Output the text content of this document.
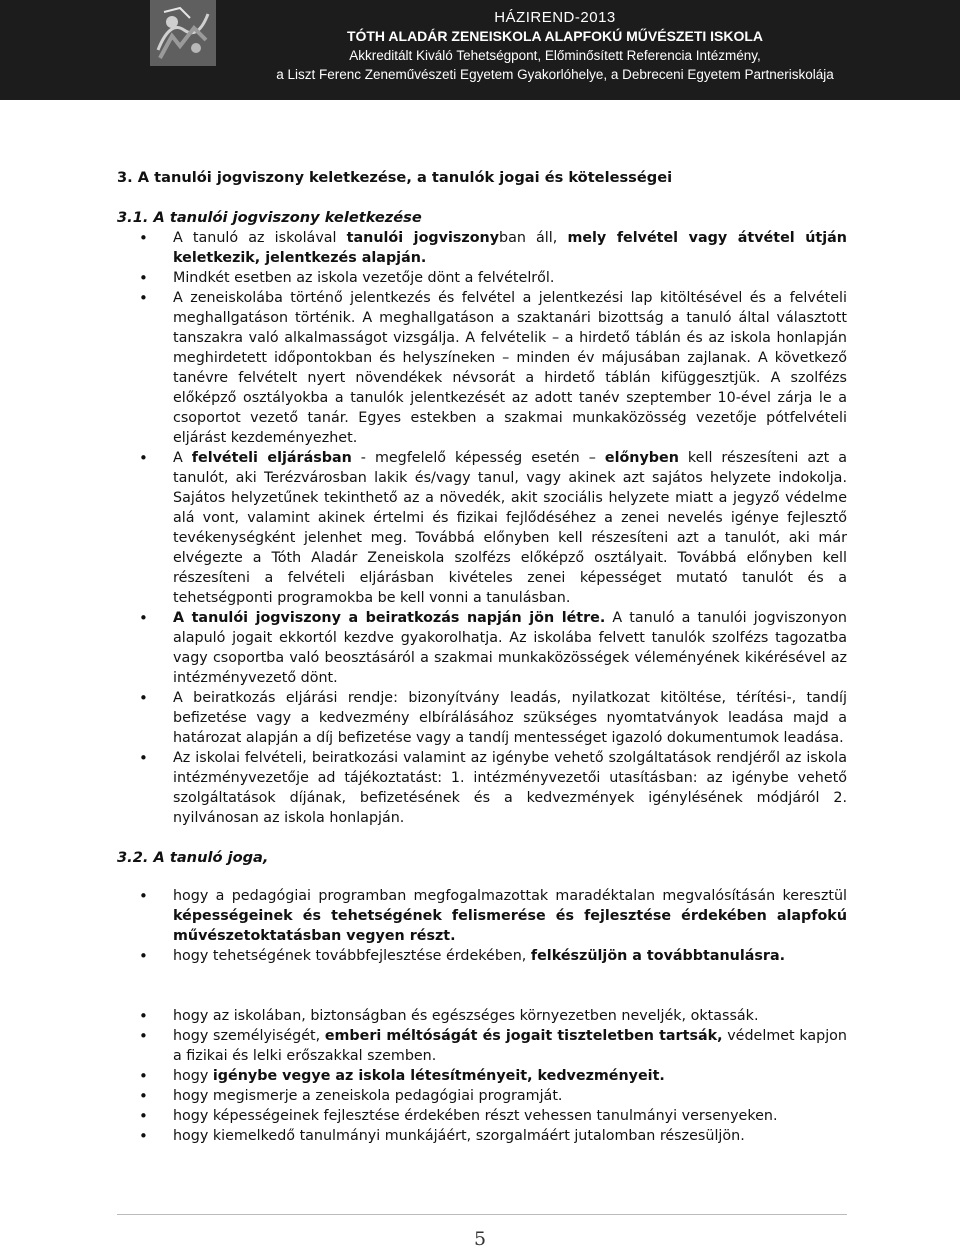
HÁZIREND-2013
TÓTH ALADÁR ZENEISKOLA ALAPFOKÚ MŰVÉSZETI ISKOLA
Akkreditált Kiváló Tehetségpont, Előminősített Referencia Intézmény,
a Liszt Ferenc Zeneművészeti Egyetem Gyakorlóhelye, a Debreceni Egyetem Partneriskolája

3. A tanulói jogviszony keletkezése, a tanulók jogai és kötelességei

3.1. A tanulói jogviszony keletkezése

• A tanuló az iskolával tanulói jogviszonyban áll, mely felvétel vagy átvétel útján keletkezik, jelentkezés alapján.
• Mindkét esetben az iskola vezetője dönt a felvételről.
• A zeneiskolába történő jelentkezés és felvétel a jelentkezési lap kitöltésével és a felvételi meghallgatáson történik. A meghallgatáson a szaktanári bizottság a tanuló által választott tanszakra való alkalmasságot vizsgálja. A felvételik – a hirdető táblán és az iskola honlapján meghirdetett időpontokban és helyszíneken – minden év májusában zajlanak. A következő tanévre felvételt nyert növendékek névsorát a hirdető táblán kifüggesztjük. A szolfézs előképző osztályokba a tanulók jelentkezését az adott tanév szeptember 10-ével zárja le a csoportot vezető tanár. Egyes estekben a szakmai munkaközösség vezetője pótfelvételi eljárást kezdeményezhet.
• A felvételi eljárásban - megfelelő képesség esetén – előnyben kell részesíteni azt a tanulót, aki Terézvárosban lakik és/vagy tanul, vagy akinek azt sajátos helyzete indokolja. Sajátos helyzetűnek tekinthető az a növedék, akit szociális helyzete miatt a jegyző védelme alá vont, valamint akinek értelmi és fizikai fejlődéséhez a zenei nevelés igénye fejlesztő tevékenységként jelenhet meg. Továbbá előnyben kell részesíteni azt a tanulót, aki már elvégezte a Tóth Aladár Zeneiskola szolfézs előképző osztályait. Továbbá előnyben kell részesíteni a felvételi eljárásban kivételes zenei képességet mutató tanulót és a tehetségponti programokba be kell vonni a tanulásban.
• A tanulói jogviszony a beiratkozás napján jön létre. A tanuló a tanulói jogviszonyon alapuló jogait ekkortól kezdve gyakorolhatja. Az iskolába felvett tanulók szolfézs tagozatba vagy csoportba való beosztásáról a szakmai munkaközösségek véleményének kikérésével az intézményvezető dönt.
• A beiratkozás eljárási rendje: bizonyítvány leadás, nyilatkozat kitöltése, térítési-, tandíj befizetése vagy a kedvezmény elbírálásához szükséges nyomtatványok leadása majd a határozat alapján a díj befizetése vagy a tandíj mentességet igazoló dokumentumok leadása.
• Az iskolai felvételi, beiratkozási valamint az igénybe vehető szolgáltatások rendjéről az iskola intézményvezetője ad tájékoztatást: 1. intézményvezetői utasításban: az igénybe vehető szolgáltatások díjának, befizetésének és a kedvezmények igénylésének módjáról 2. nyilvánosan az iskola honlapján.

3.2. A tanuló joga,

• hogy a pedagógiai programban megfogalmazottak maradéktalan megvalósításán keresztül képességeinek és tehetségének felismerése és fejlesztése érdekében alapfokú művészetoktatásban vegyen részt.
• hogy tehetségének továbbfejlesztése érdekében, felkészüljön a továbbtanulásra.
• hogy az iskolában, biztonságban és egészséges környezetben neveljék, oktassák.
• hogy személyiségét, emberi méltóságát és jogait tiszteletben tartsák, védelmet kapjon a fizikai és lelki erőszakkal szemben.
• hogy igénybe vegye az iskola létesítményeit, kedvezményeit.
• hogy megismerje a zeneiskola pedagógiai programját.
• hogy képességeinek fejlesztése érdekében részt vehessen tanulmányi versenyeken.
• hogy kiemelkedő tanulmányi munkájáért, szorgalmáért jutalomban részesüljön.
5
